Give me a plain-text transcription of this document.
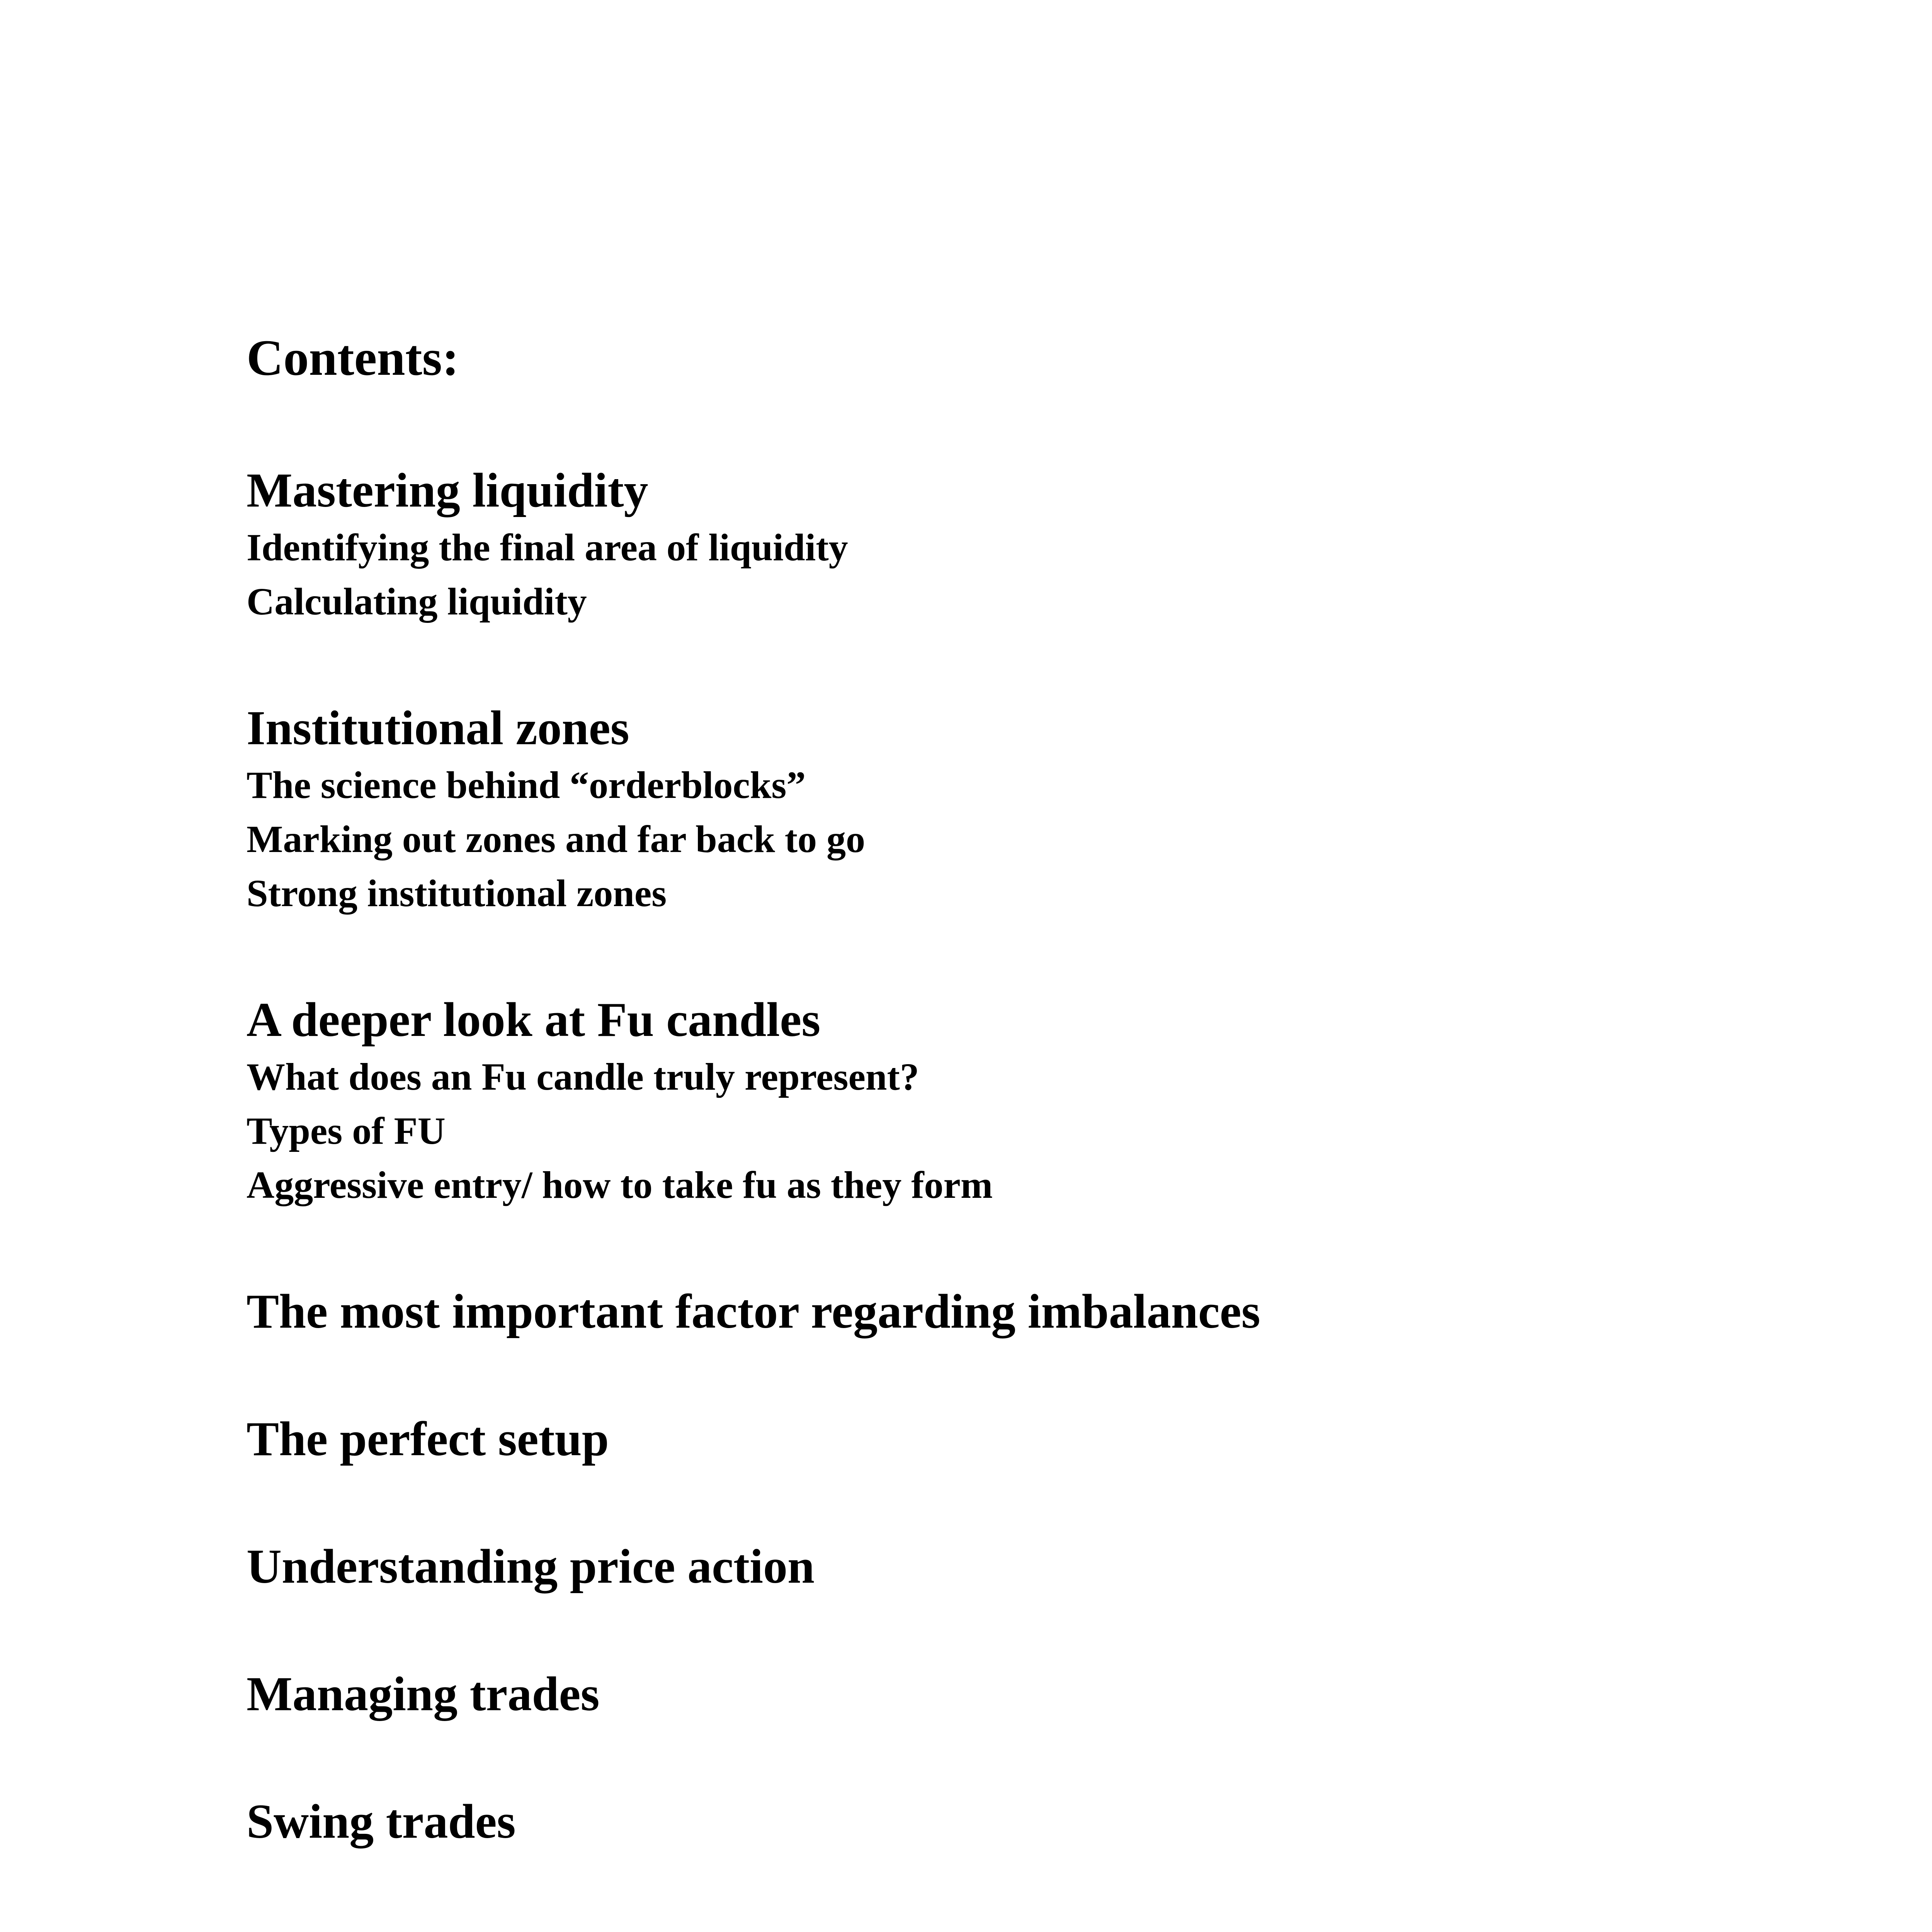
Contents:
Mastering liquidity
Identifying the final area of liquidity
Calculating liquidity
Institutional zones
The science behind “orderblocks”
Marking out zones and far back to go
Strong institutional zones
A deeper look at Fu candles
What does an Fu candle truly represent?
Types of FU
Aggressive entry/ how to take fu as they form
The most important factor regarding imbalances
The perfect setup
Understanding price action
Managing trades
Swing trades
